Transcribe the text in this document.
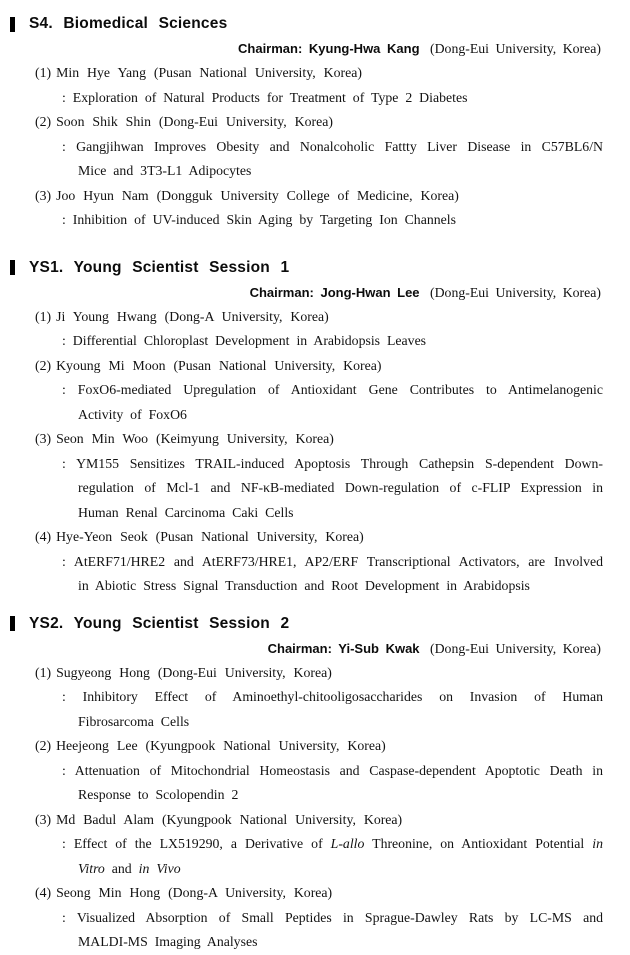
S4. Biomedical Sciences
Chairman: Kyung-Hwa Kang (Dong-Eui University, Korea)
(1) Min Hye Yang (Pusan National University, Korea)
: Exploration of Natural Products for Treatment of Type 2 Diabetes
(2) Soon Shik Shin (Dong-Eui University, Korea)
: Gangjihwan Improves Obesity and Nonalcoholic Fattty Liver Disease in C57BL6/N Mice and 3T3-L1 Adipocytes
(3) Joo Hyun Nam (Dongguk University College of Medicine, Korea)
: Inhibition of UV-induced Skin Aging by Targeting Ion Channels
YS1. Young Scientist Session 1
Chairman: Jong-Hwan Lee (Dong-Eui University, Korea)
(1) Ji Young Hwang (Dong-A University, Korea)
: Differential Chloroplast Development in Arabidopsis Leaves
(2) Kyoung Mi Moon (Pusan National University, Korea)
: FoxO6-mediated Upregulation of Antioxidant Gene Contributes to Antimelanogenic Activity of FoxO6
(3) Seon Min Woo (Keimyung University, Korea)
: YM155 Sensitizes TRAIL-induced Apoptosis Through Cathepsin S-dependent Down-regulation of Mcl-1 and NF-κB-mediated Down-regulation of c-FLIP Expression in Human Renal Carcinoma Caki Cells
(4) Hye-Yeon Seok (Pusan National University, Korea)
: AtERF71/HRE2 and AtERF73/HRE1, AP2/ERF Transcriptional Activators, are Involved in Abiotic Stress Signal Transduction and Root Development in Arabidopsis
YS2. Young Scientist Session 2
Chairman: Yi-Sub Kwak (Dong-Eui University, Korea)
(1) Sugyeong Hong (Dong-Eui University, Korea)
: Inhibitory Effect of Aminoethyl-chitooligosaccharides on Invasion of Human Fibrosarcoma Cells
(2) Heejeong Lee (Kyungpook National University, Korea)
: Attenuation of Mitochondrial Homeostasis and Caspase-dependent Apoptotic Death in Response to Scolopendin 2
(3) Md Badul Alam (Kyungpook National University, Korea)
: Effect of the LX519290, a Derivative of L-allo Threonine, on Antioxidant Potential in Vitro and in Vivo
(4) Seong Min Hong (Dong-A University, Korea)
: Visualized Absorption of Small Peptides in Sprague-Dawley Rats by LC-MS and MALDI-MS Imaging Analyses
